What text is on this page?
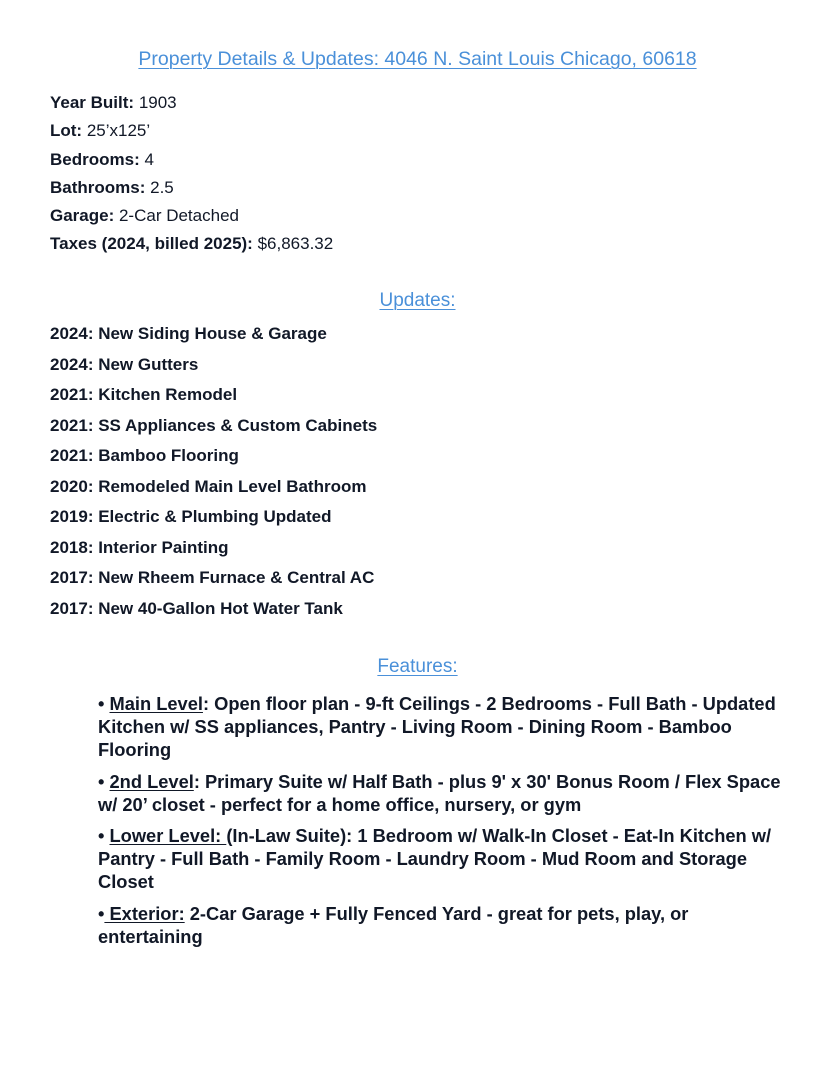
Property Details & Updates: 4046 N. Saint Louis Chicago, 60618
Year Built: 1903
Lot: 25’x125’
Bedrooms: 4
Bathrooms: 2.5
Garage: 2-Car Detached
Taxes (2024, billed 2025): $6,863.32
Updates:
2024: New Siding House & Garage
2024: New Gutters
2021: Kitchen Remodel
2021: SS Appliances & Custom Cabinets
2021: Bamboo Flooring
2020: Remodeled Main Level Bathroom
2019: Electric & Plumbing Updated
2018: Interior Painting
2017: New Rheem Furnace & Central AC
2017: New 40-Gallon Hot Water Tank
Features:
• Main Level: Open floor plan - 9-ft Ceilings - 2 Bedrooms - Full Bath - Updated Kitchen w/ SS appliances, Pantry - Living Room - Dining Room - Bamboo Flooring
• 2nd Level: Primary Suite w/ Half Bath - plus 9' x 30' Bonus Room / Flex Space w/ 20’ closet - perfect for a home office, nursery, or gym
• Lower Level: (In-Law Suite): 1 Bedroom w/ Walk-In Closet - Eat-In Kitchen w/ Pantry - Full Bath - Family Room - Laundry Room - Mud Room and Storage Closet
• Exterior: 2-Car Garage + Fully Fenced Yard - great for pets, play, or entertaining
